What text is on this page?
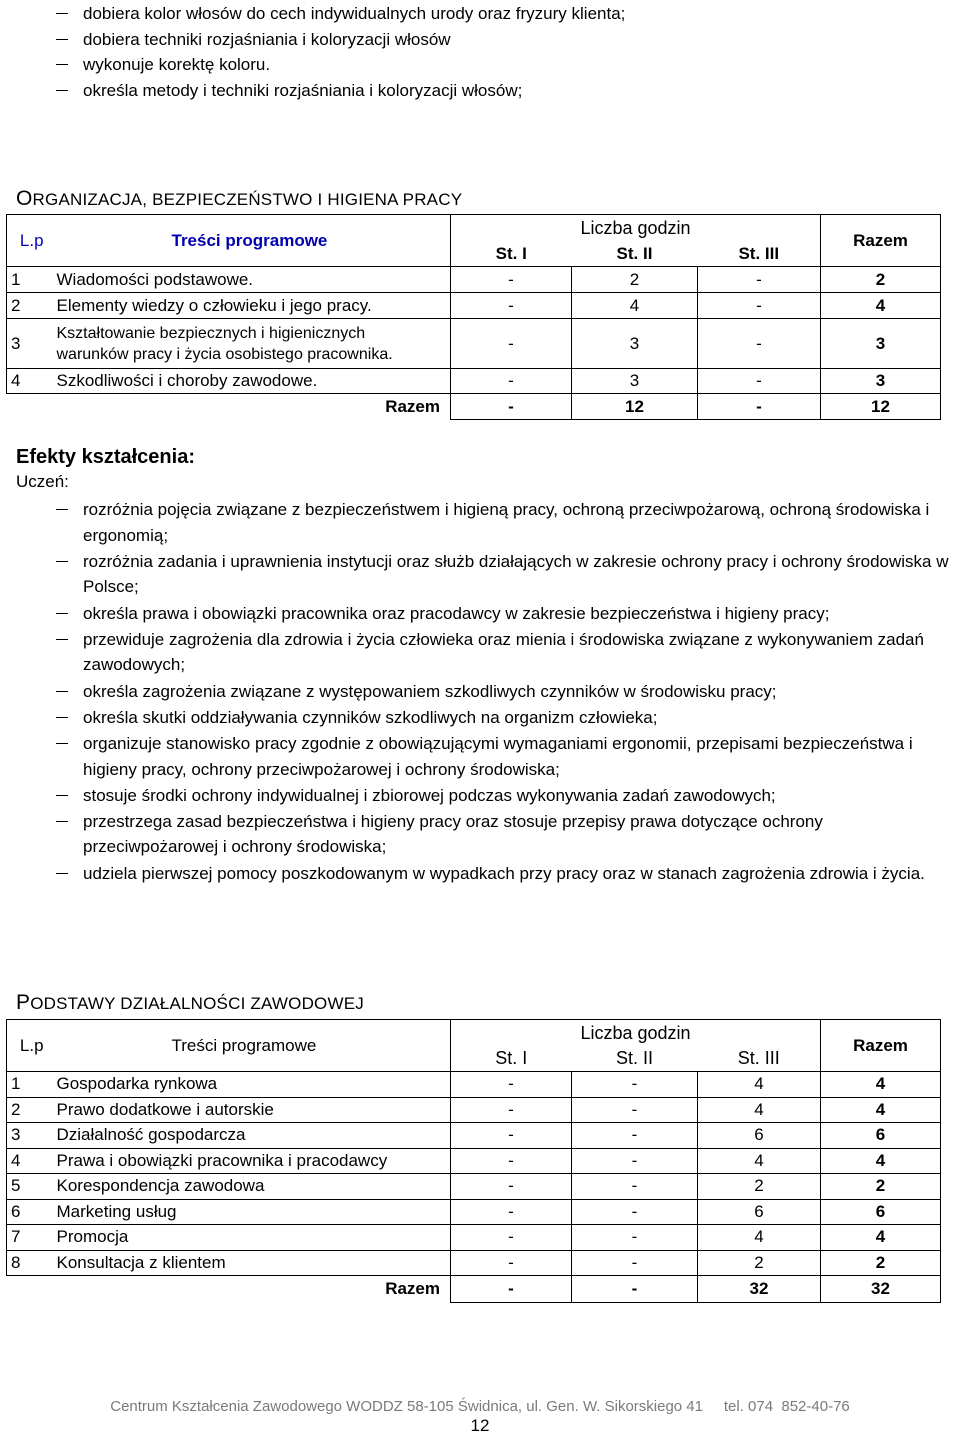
dobiera kolor włosów do cech indywidualnych urody oraz fryzury klienta;
dobiera techniki rozjaśniania i koloryzacji włosów
wykonuje korektę koloru.
określa metody i techniki rozjaśniania i koloryzacji włosów;
ORGANIZACJA, BEZPIECZEŃSTWO I HIGIENA PRACY
L.p	Treści programowe	Liczba godzin			Razem
		St. I	St. II	St. III	
1	Wiadomości podstawowe.	-	2	-	2
2	Elementy wiedzy o człowieku i jego pracy.	-	4	-	4
3	Kształtowanie bezpiecznych i higienicznych
warunków pracy i życia osobistego pracownika.	-	3	-	3
4	Szkodliwości i choroby zawodowe.	-	3	-	3
Razem		-	12	-	12
Efekty kształcenia:
Uczeń:
rozróżnia pojęcia związane z bezpieczeństwem i higieną pracy, ochroną przeciwpożarową, ochroną środowiska i ergonomią;
rozróżnia zadania i uprawnienia instytucji oraz służb działających w zakresie ochrony pracy i ochrony środowiska w Polsce;
określa prawa i obowiązki pracownika oraz pracodawcy w zakresie bezpieczeństwa i higieny pracy;
przewiduje zagrożenia dla zdrowia i życia człowieka oraz mienia i środowiska związane z wykonywaniem zadań zawodowych;
określa zagrożenia związane z występowaniem szkodliwych czynników w środowisku pracy;
określa skutki oddziaływania czynników szkodliwych na organizm człowieka;
organizuje stanowisko pracy zgodnie z obowiązującymi wymaganiami ergonomii, przepisami bezpieczeństwa i higieny pracy, ochrony przeciwpożarowej i ochrony środowiska;
stosuje środki ochrony indywidualnej i zbiorowej podczas wykonywania zadań zawodowych;
przestrzega zasad bezpieczeństwa i higieny pracy oraz stosuje przepisy prawa dotyczące ochrony przeciwpożarowej i ochrony środowiska;
udziela pierwszej pomocy poszkodowanym w wypadkach przy pracy oraz w stanach zagrożenia zdrowia i życia.
PODSTAWY DZIAŁALNOŚCI ZAWODOWEJ
L.p	Treści programowe	Liczba godzin			Razem
		St. I	St. II	St. III	
1	Gospodarka rynkowa	-	-	4	4
2	Prawo dodatkowe i autorskie	-	-	4	4
3	Działalność gospodarcza	-	-	6	6
4	Prawa i obowiązki pracownika i pracodawcy	-	-	4	4
5	Korespondencja zawodowa	-	-	2	2
6	Marketing usług	-	-	6	6
7	Promocja	-	-	4	4
8	Konsultacja z klientem	-	-	2	2
Razem		-	-	32	32
Centrum Kształcenia Zawodowego WODDZ 58-105 Świdnica, ul. Gen. W. Sikorskiego 41     tel. 074  852-40-76
12
